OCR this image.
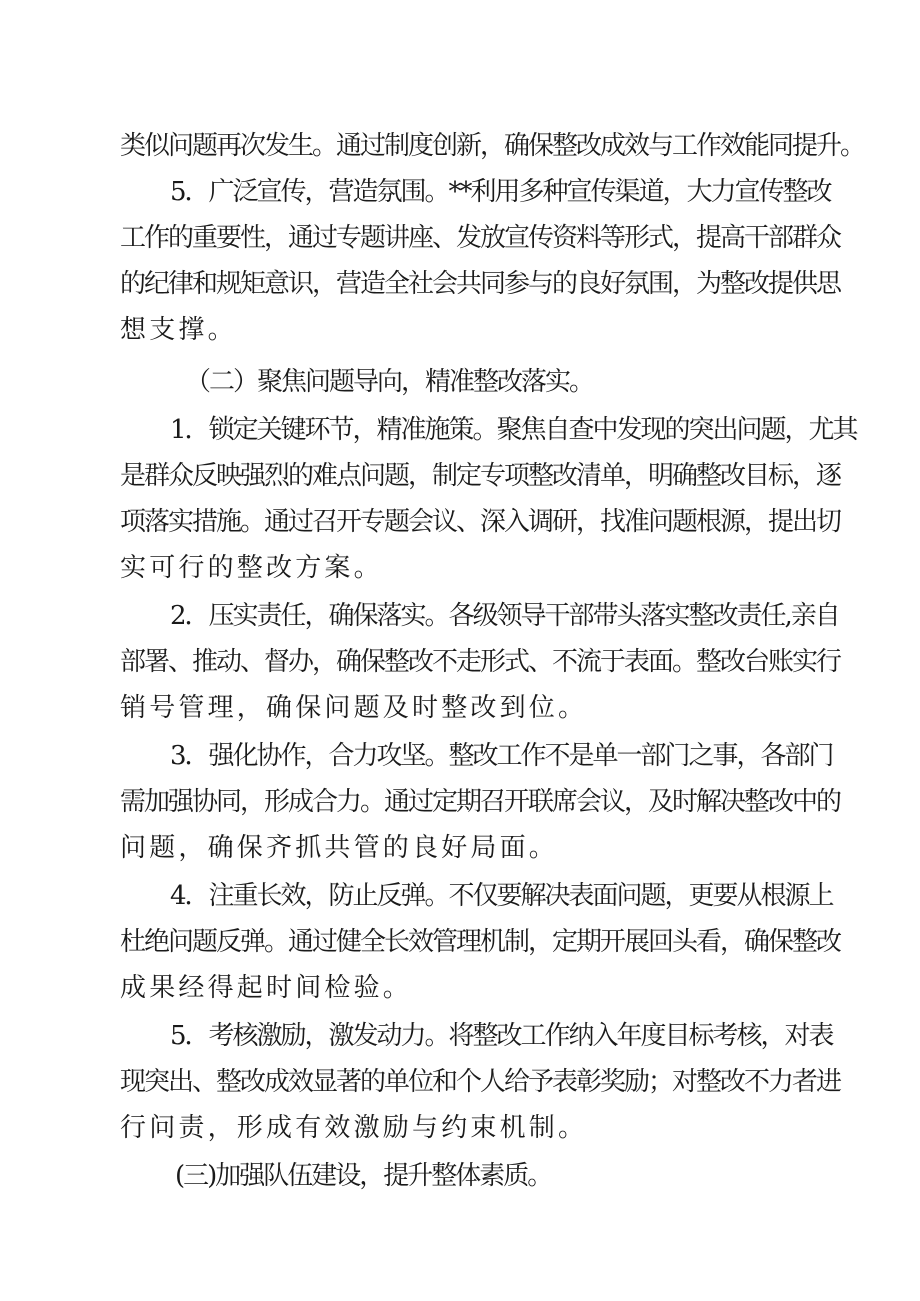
类似问题再次发生。通过制度创新，确保整改成效与工作效能同提升。
5．广泛宣传，营造氛围。**利用多种宣传渠道，大力宣传整改
工作的重要性，通过专题讲座、发放宣传资料等形式，提高干部群众
的纪律和规矩意识，营造全社会共同参与的良好氛围，为整改提供思
想支撑。
（二）聚焦问题导向，精准整改落实。
1．锁定关键环节，精准施策。聚焦自查中发现的突出问题，尤其
是群众反映强烈的难点问题，制定专项整改清单，明确整改目标，逐
项落实措施。通过召开专题会议、深入调研，找准问题根源，提出切
实可行的整改方案。
2．压实责任，确保落实。各级领导干部带头落实整改责任,亲自
部署、推动、督办，确保整改不走形式、不流于表面。整改台账实行
销号管理，确保问题及时整改到位。
3．强化协作，合力攻坚。整改工作不是单一部门之事，各部门
需加强协同，形成合力。通过定期召开联席会议，及时解决整改中的
问题，确保齐抓共管的良好局面。
4．注重长效，防止反弹。不仅要解决表面问题，更要从根源上
杜绝问题反弹。通过健全长效管理机制，定期开展回头看，确保整改
成果经得起时间检验。
5．考核激励，激发动力。将整改工作纳入年度目标考核，对表
现突出、整改成效显著的单位和个人给予表彰奖励；对整改不力者进
行问责，形成有效激励与约束机制。
(三)加强队伍建设，提升整体素质。
